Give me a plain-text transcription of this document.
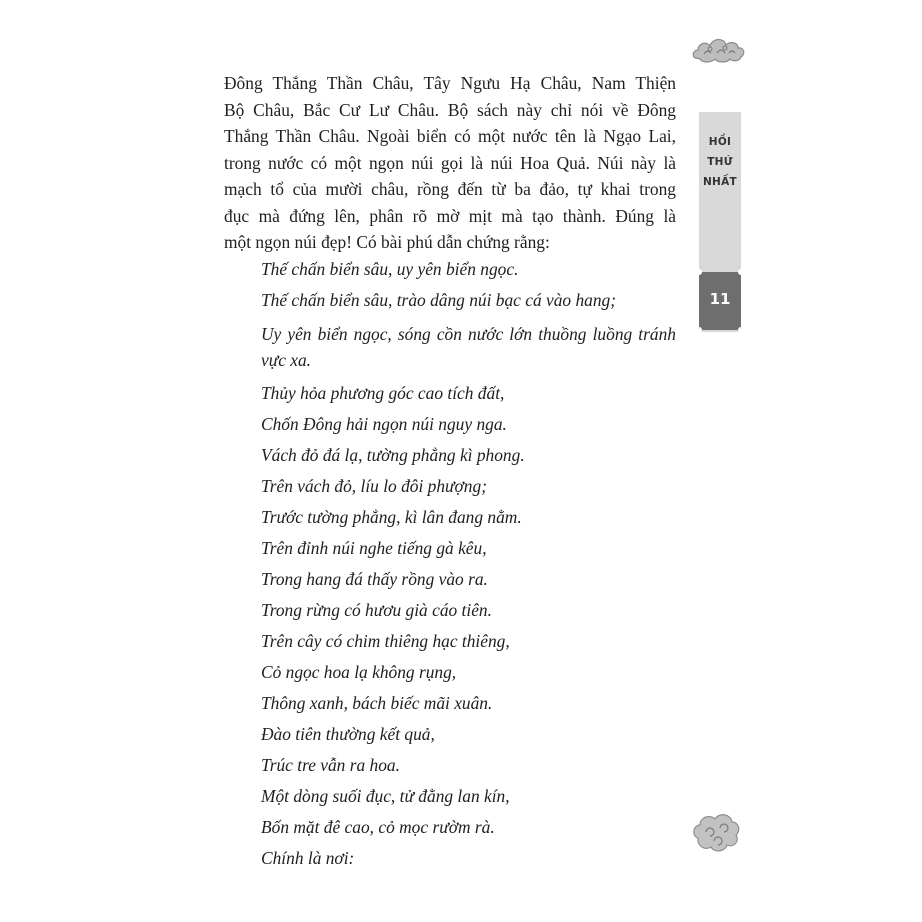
Đông Thắng Thần Châu, Tây Ngưu Hạ Châu, Nam Thiện
Bộ Châu, Bắc Cư Lư Châu. Bộ sách này chỉ nói về Đông
Thắng Thần Châu. Ngoài biển có một nước tên là Ngạo Lai,
trong nước có một ngọn núi gọi là núi Hoa Quả. Núi này là
mạch tổ của mười châu, rồng đến từ ba đảo, tự khai trong
đục mà đứng lên, phân rõ mờ mịt mà tạo thành. Đúng là
một ngọn núi đẹp! Có bài phú dẫn chứng rằng:

Thế chấn biển sâu, uy yên biển ngọc.

Thế chấn biển sâu, trào dâng núi bạc cá vào hang;

Uy yên biển ngọc, sóng cồn nước lớn thuồng luồng tránh vực xa.

Thủy hỏa phương góc cao tích đất,

Chốn Đông hải ngọn núi nguy nga.

Vách đỏ đá lạ, tường phẳng kì phong.

Trên vách đỏ, líu lo đôi phượng;

Trước tường phẳng, kì lân đang nằm.

Trên đỉnh núi nghe tiếng gà kêu,

Trong hang đá thấy rồng vào ra.

Trong rừng có hươu già cáo tiên.

Trên cây có chim thiêng hạc thiêng,

Cỏ ngọc hoa lạ không rụng,

Thông xanh, bách biếc mãi xuân.

Đào tiên thường kết quả,

Trúc tre vẫn ra hoa.

Một dòng suối đục, tử đằng lan kín,

Bốn mặt đê cao, cỏ mọc rườm rà.

Chính là nơi:

HỒI
THỨ
NHẤT
11
